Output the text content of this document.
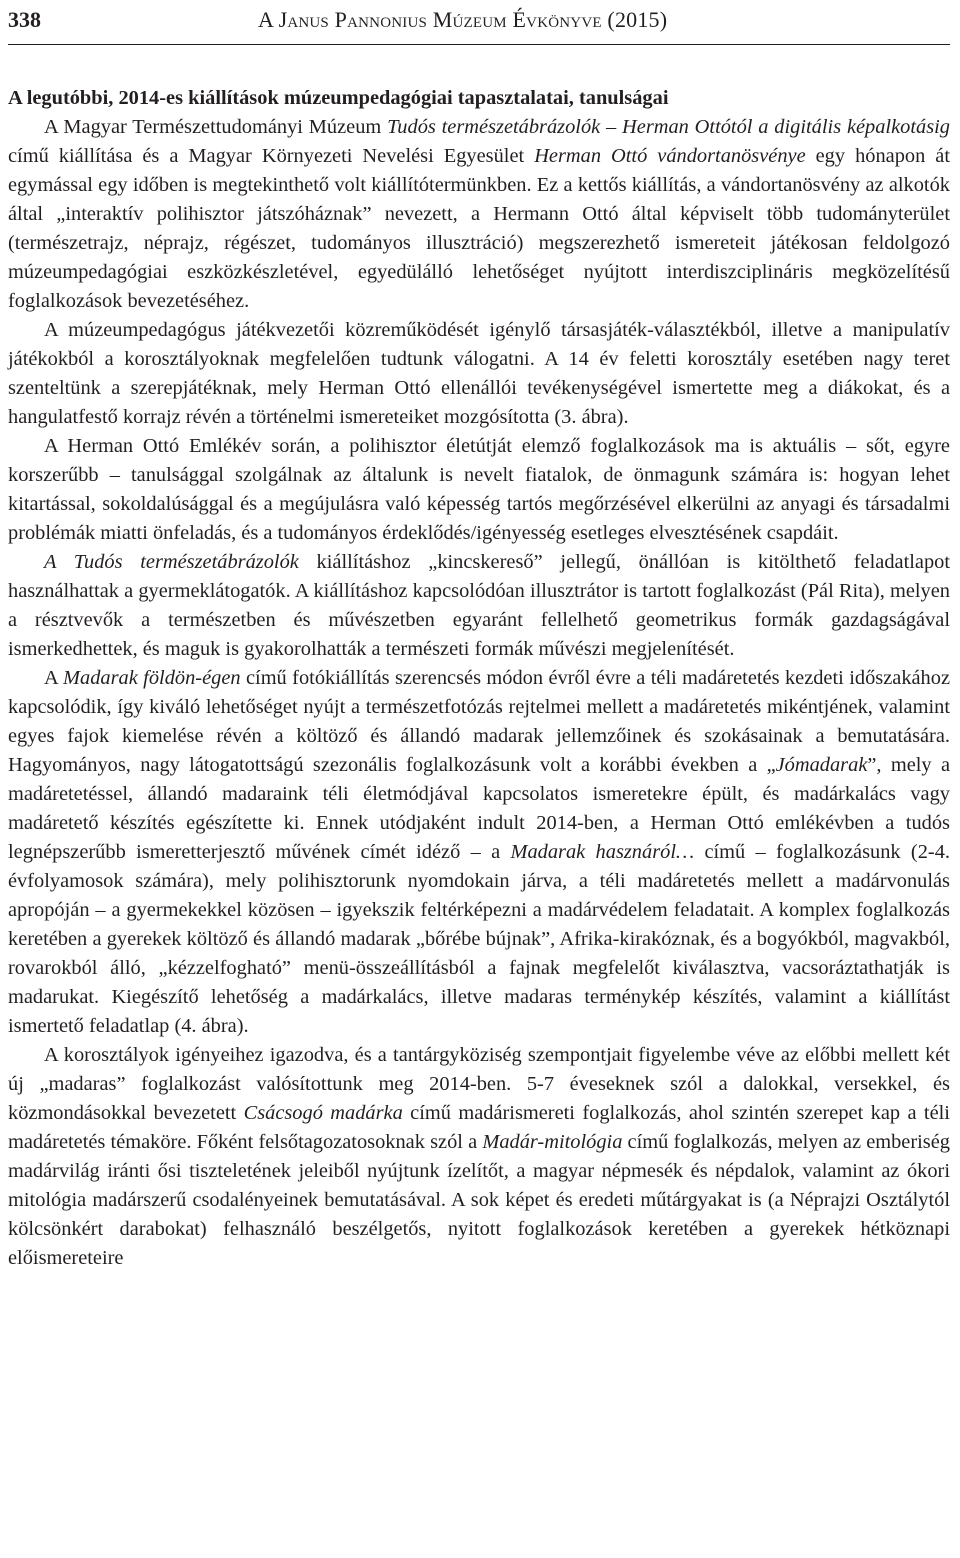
338	A Janus Pannonius Múzeum Évkönyve (2015)
A legutóbbi, 2014-es kiállítások múzeumpedagógiai tapasztalatai, tanulságai

A Magyar Természettudományi Múzeum Tudós természetábrázolók – Herman Ottótól a digitális képalkotásig című kiállítása és a Magyar Környezeti Nevelési Egyesület Herman Ottó vándortanösvénye egy hónapon át egymással egy időben is megtekinthető volt kiállítótermünkben. Ez a kettős kiállítás, a vándortanösvény az alkotók által „interaktív polihisztor játszóháznak” nevezett, a Hermann Ottó által képviselt több tudományterület (természetrajz, néprajz, régészet, tudományos illusztráció) megszerezhető ismereteit játékosan feldolgozó múzeumpedagógiai eszközkészletével, egyedülálló lehetőséget nyújtott interdiszciplináris megközelítésű foglalkozások bevezetéséhez.

A múzeumpedagógus játékvezetői közreműködését igénylő társasjáték-választékból, illetve a manipulatív játékokból a korosztályoknak megfelelően tudtunk válogatni. A 14 év feletti korosztály esetében nagy teret szenteltünk a szerepjátéknak, mely Herman Ottó ellenállói tevékenységével ismertette meg a diákokat, és a hangulatfestő korrajz révén a történelmi ismereteiket mozgósította (3. ábra).

A Herman Ottó Emlékév során, a polihisztor életútját elemző foglalkozások ma is aktuális – sőt, egyre korszerűbb – tanulsággal szolgálnak az általunk is nevelt fiatalok, de önmagunk számára is: hogyan lehet kitartással, sokoldalúsággal és a megújulásra való képesség tartós megőrzésével elkerülni az anyagi és társadalmi problémák miatti önfeladás, és a tudományos érdeklődés/igényesség esetleges elvesztésének csapdáit.

A Tudós természetábrázolók kiállításhoz „kincskereső” jellegű, önállóan is kitölthető feladatlapot használhattak a gyermeklátogatók. A kiállításhoz kapcsolódóan illusztrátor is tartott foglalkozást (Pál Rita), melyen a résztvevők a természetben és művészetben egyaránt fellelhető geometrikus formák gazdagságával ismerkedhettek, és maguk is gyakorolhatták a természeti formák művészi megjelenítését.

A Madarak földön-égen című fotókiállítás szerencsés módon évről évre a téli madáretetés kezdeti időszakához kapcsolódik, így kiváló lehetőséget nyújt a természetfotózás rejtelmei mellett a madáretetés mikéntjének, valamint egyes fajok kiemelése révén a költöző és állandó madarak jellemzőinek és szokásainak a bemutatására. Hagyományos, nagy látogatottságú szezonális foglalkozásunk volt a korábbi években a „Jómadarak”, mely a madáretetéssel, állandó madaraink téli életmódjával kapcsolatos ismeretekre épült, és madárkalács vagy madáretető készítés egészítette ki. Ennek utódjaként indult 2014-ben, a Herman Ottó emlékévben a tudós legnépszerűbb ismeretterjesztő művének címét idéző – a Madarak hasznáról… című – foglalkozásunk (2-4. évfolyamosok számára), mely polihisztorunk nyomdokain járva, a téli madáretetés mellett a madárvonulás apropóján – a gyermekekkel közösen – igyekszik feltérképezni a madárvédelem feladatait. A komplex foglalkozás keretében a gyerekek költöző és állandó madarak „bőrébe bújnak”, Afrika-kirakóznak, és a bogyókból, magvakból, rovarokból álló, „kézzelfogható” menü-összeállításból a fajnak megfelelőt kiválasztva, vacsoráztathatják is madarukat. Kiegészítő lehetőség a madárkalács, illetve madaras terménykép készítés, valamint a kiállítást ismertető feladatlap (4. ábra).

A korosztályok igényeihez igazodva, és a tantárgyköziség szempontjait figyelembe véve az előbbi mellett két új „madaras” foglalkozást valósítottunk meg 2014-ben. 5-7 éveseknek szól a dalokkal, versekkel, és közmondásokkal bevezetett Csácsogó madárka című madárismereti foglalkozás, ahol szintén szerepet kap a téli madáretetés témaköre. Főként felsőtagozatosoknak szól a Madár-mitológia című foglalkozás, melyen az emberiség madárvilág iránti ősi tiszteletének jeleiből nyújtunk ízelítőt, a magyar népmesék és népdalok, valamint az ókori mitológia madárszerű csodalényeinek bemutatásával. A sok képet és eredeti műtárgyakat is (a Néprajzi Osztálytól kölcsönkért darabokat) felhasználó beszélgetős, nyitott foglalkozások keretében a gyerekek hétköznapi előismereteire
